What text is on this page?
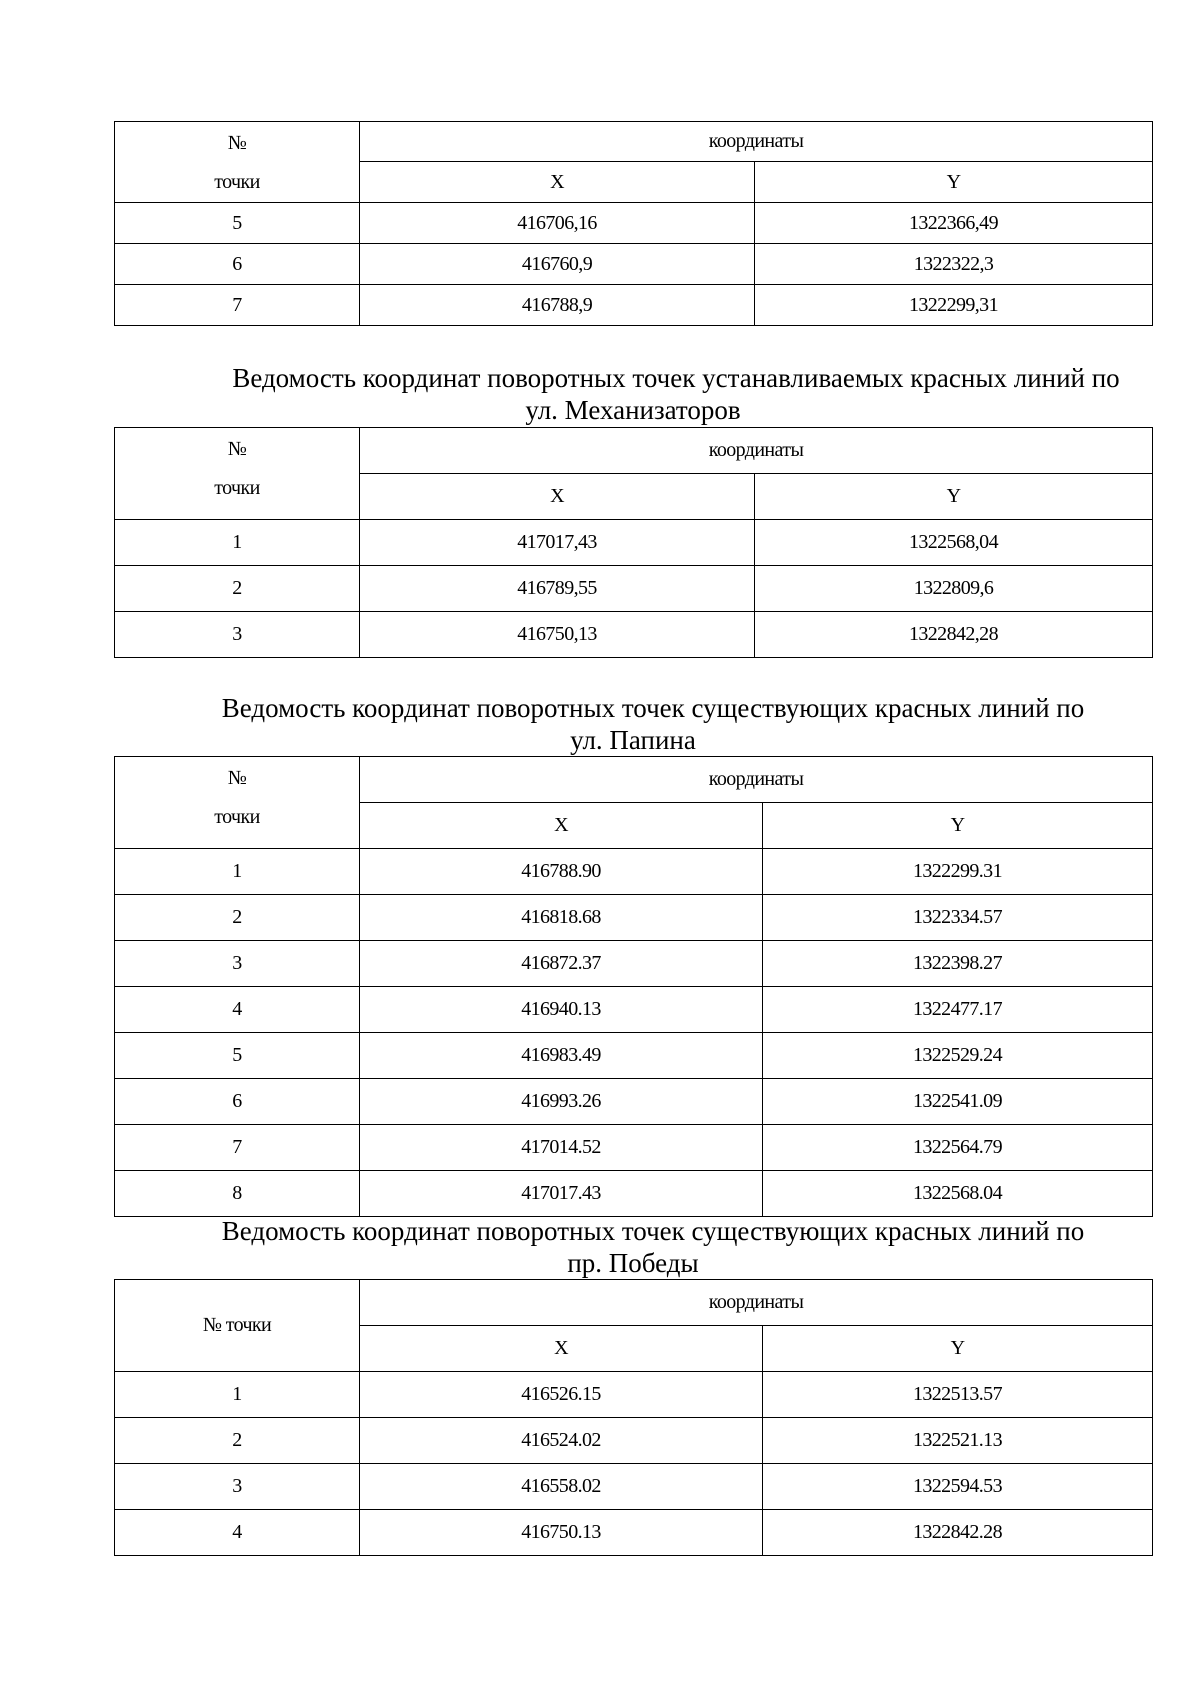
№
точки	координаты	
	X	Y
5	416706,16	1322366,49
6	416760,9	1322322,3
7	416788,9	1322299,31
Ведомость координат поворотных точек устанавливаемых красных линий по
ул. Механизаторов
№
точки	координаты	
	X	Y
1	417017,43	1322568,04
2	416789,55	1322809,6
3	416750,13	1322842,28
Ведомость координат поворотных точек существующих красных линий по
ул. Папина
№
точки	координаты	
	X	Y
1	416788.90	1322299.31
2	416818.68	1322334.57
3	416872.37	1322398.27
4	416940.13	1322477.17
5	416983.49	1322529.24
6	416993.26	1322541.09
7	417014.52	1322564.79
8	417017.43	1322568.04
Ведомость координат поворотных точек существующих красных линий по
пр. Победы
№ точки	координаты	
	X	Y
1	416526.15	1322513.57
2	416524.02	1322521.13
3	416558.02	1322594.53
4	416750.13	1322842.28
